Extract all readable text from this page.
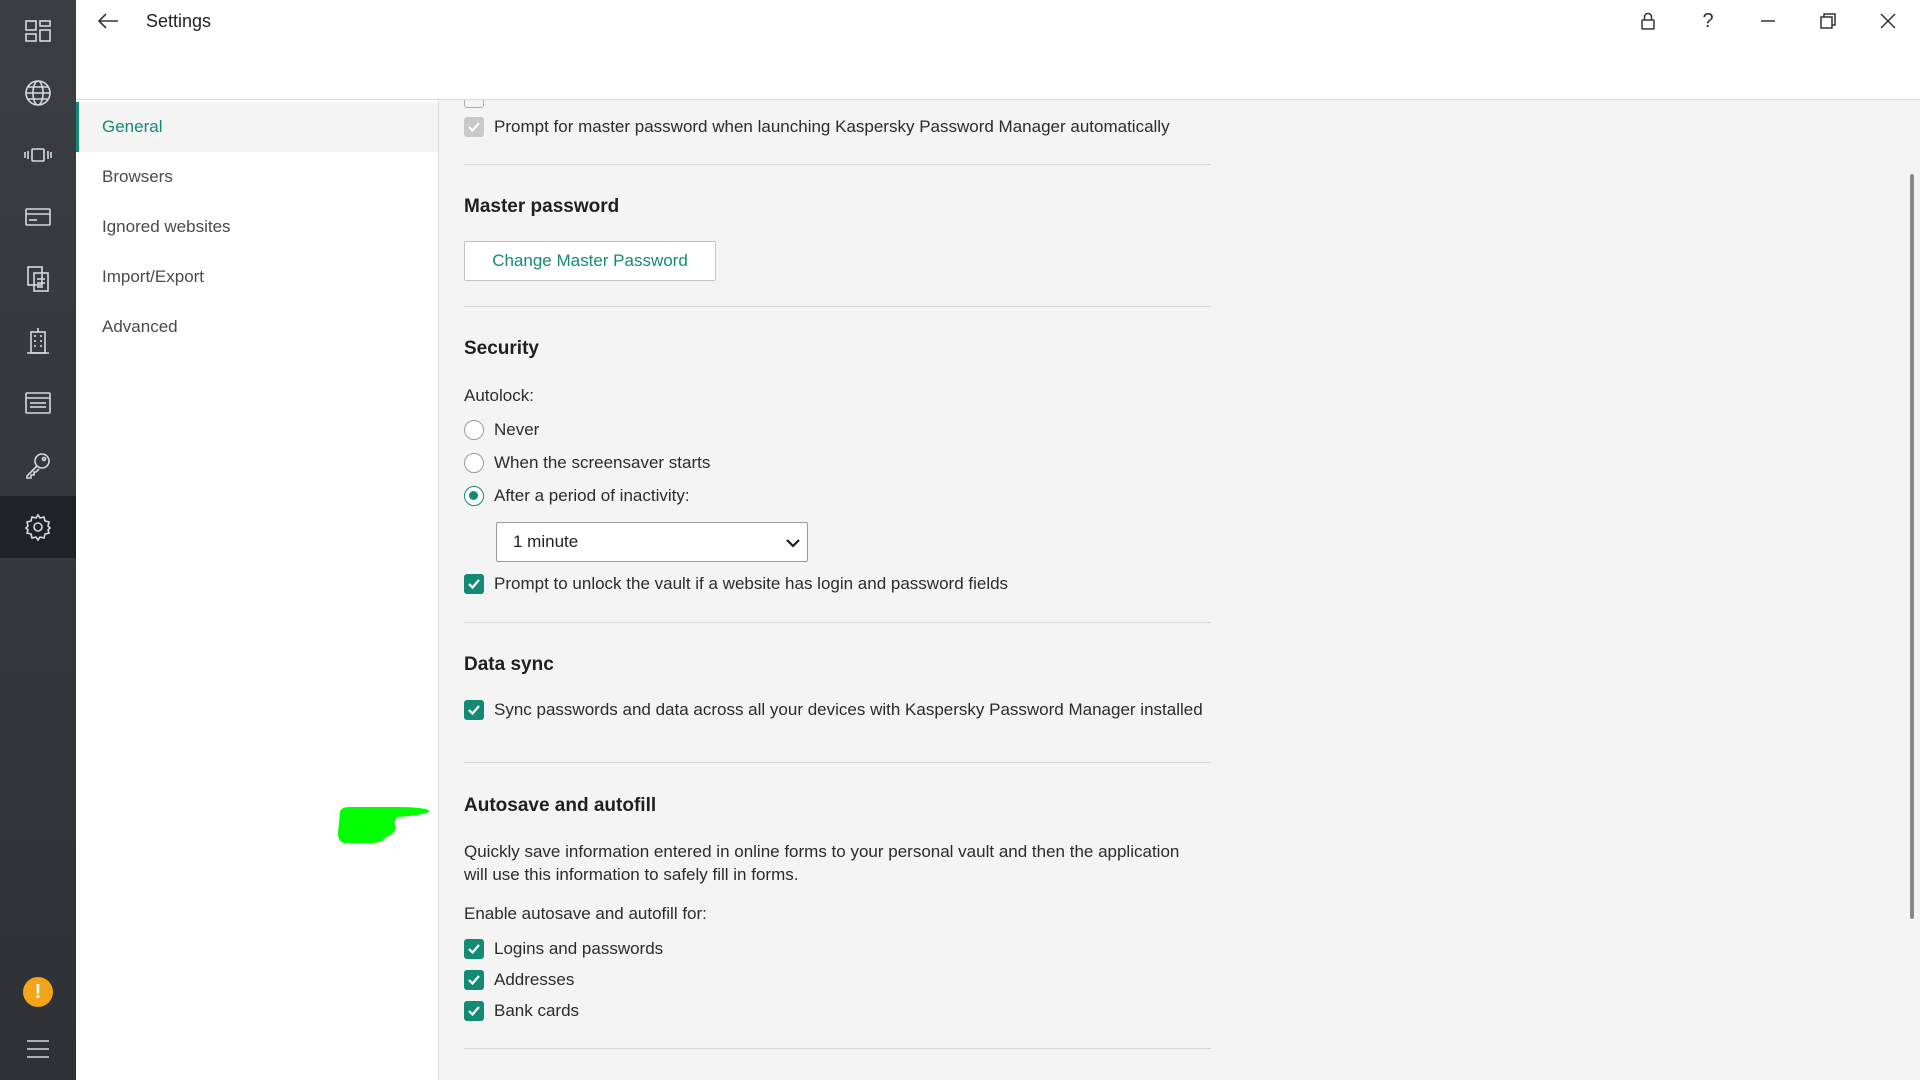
!
Settings	?
General
Browsers
Ignored websites
Import/Export
Advanced
Prompt for master password when launching Kaspersky Password Manager automatically
Master password
Change Master Password
Security
Autolock:
Never
When the screensaver starts
After a period of inactivity:
1 minute
Prompt to unlock the vault if a website has login and password fields
Data sync
Sync passwords and data across all your devices with Kaspersky Password Manager installed
Autosave and autofill
Quickly save information entered in online forms to your personal vault and then the application
will use this information to safely fill in forms.
Enable autosave and autofill for:
Logins and passwords
Addresses
Bank cards
